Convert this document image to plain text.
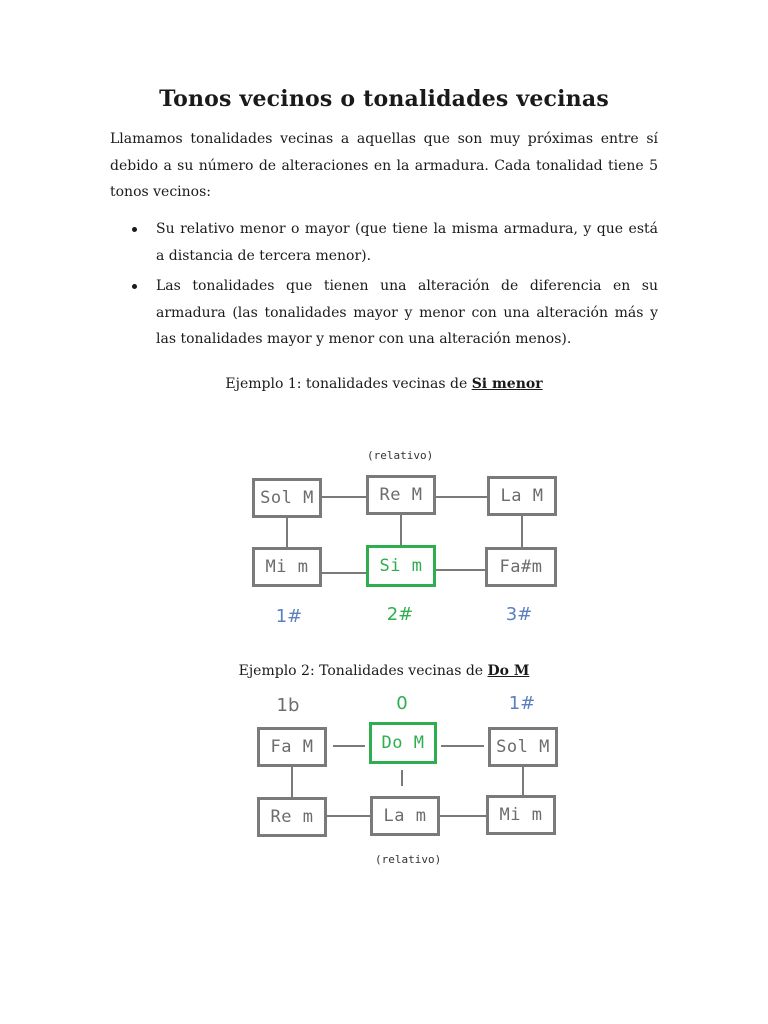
Tonos vecinos o tonalidades vecinas
Llamamos tonalidades vecinas a aquellas que son muy próximas entre sí debido a su número de alteraciones en la armadura. Cada tonalidad tiene 5 tonos vecinos:
Su relativo menor o mayor (que tiene la misma armadura, y que está a distancia de tercera menor).
Las tonalidades que tienen una alteración de diferencia en su armadura (las tonalidades mayor y menor con una alteración más y las tonalidades mayor y menor con una alteración menos).
Ejemplo 1: tonalidades vecinas de Si menor
(relativo)
Sol M	Re M	La M
Mi m	Si m	Fa#m
1#	2#	3#
Ejemplo 2: Tonalidades vecinas de Do M
1b	0	1#
Fa M	Do M	Sol M
Re m	La m	Mi m
(relativo)
